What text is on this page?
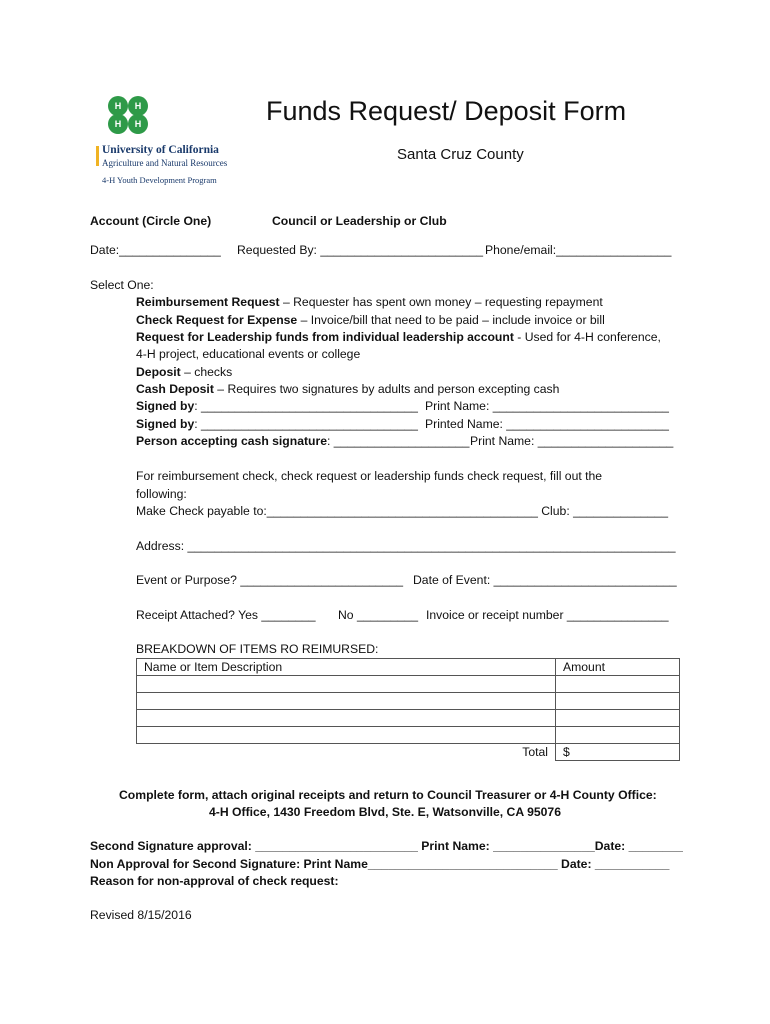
H H
H H
University of California
Agriculture and Natural Resources
4-H Youth Development Program
Funds Request/ Deposit Form
Santa Cruz County
Account (Circle One)	Council or Leadership or Club
Date:_______________ Requested By: ________________________ Phone/email:_________________
Select One:
Reimbursement Request – Requester has spent own money – requesting repayment
Check Request for Expense – Invoice/bill that need to be paid – include invoice or bill
Request for Leadership funds from individual leadership account - Used for 4-H conference,
4-H project, educational events or college
Deposit – checks
Cash Deposit – Requires two signatures by adults and person excepting cash
Signed by: ________________________________ Print Name: __________________________
Signed by: ________________________________ Printed Name: ________________________
Person accepting cash signature: ____________________ Print Name: ____________________
For reimbursement check, check request or leadership funds check request, fill out the
following:
Make Check payable to:________________________________________ Club: ______________
Address: ________________________________________________________________________
Event or Purpose? ________________________ Date of Event: ___________________________
Receipt Attached? Yes ________ No _________ Invoice or receipt number _______________
BREAKDOWN OF ITEMS RO REIMURSED:
Name or Item Description	Amount

Total	$
Complete form, attach original receipts and return to Council Treasurer or 4-H County Office:
4-H Office, 1430 Freedom Blvd, Ste. E, Watsonville, CA 95076
Second Signature approval: ________________________ Print Name: _______________Date: ________
Non Approval for Second Signature: Print Name____________________________ Date: ___________
Reason for non-approval of check request:
Revised 8/15/2016
